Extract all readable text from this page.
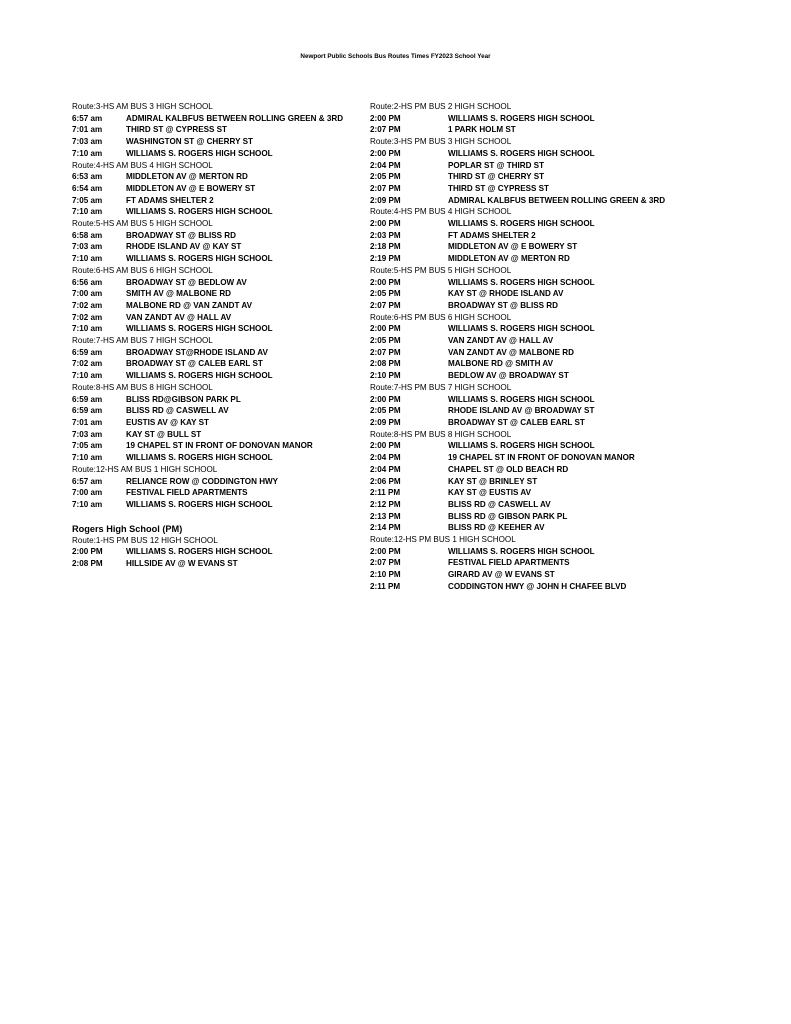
Newport Public Schools Bus Routes Times FY2023 School Year
Route:3-HS AM BUS 3 HIGH SCHOOL
6:57 am	ADMIRAL KALBFUS BETWEEN ROLLING GREEN & 3RD
7:01 am	THIRD ST @ CYPRESS ST
7:03 am	WASHINGTON ST @ CHERRY ST
7:10 am	WILLIAMS S. ROGERS HIGH SCHOOL
Route:4-HS AM BUS 4 HIGH SCHOOL
6:53 am	MIDDLETON AV @ MERTON RD
6:54 am	MIDDLETON AV @ E BOWERY ST
7:05 am	FT ADAMS SHELTER 2
7:10 am	WILLIAMS S. ROGERS HIGH SCHOOL
Route:5-HS AM BUS 5 HIGH SCHOOL
6:58 am	BROADWAY ST @ BLISS RD
7:03 am	RHODE ISLAND AV @ KAY ST
7:10 am	WILLIAMS S. ROGERS HIGH SCHOOL
Route:6-HS AM BUS 6 HIGH SCHOOL
6:56 am	BROADWAY ST @ BEDLOW AV
7:00 am	SMITH AV @ MALBONE RD
7:02 am	MALBONE RD @ VAN ZANDT AV
7:02 am	VAN ZANDT AV @ HALL AV
7:10 am	WILLIAMS S. ROGERS HIGH SCHOOL
Route:7-HS AM BUS 7 HIGH SCHOOL
6:59 am	BROADWAY ST@RHODE ISLAND AV
7:02 am	BROADWAY ST @ CALEB EARL ST
7:10 am	WILLIAMS S. ROGERS HIGH SCHOOL
Route:8-HS AM BUS 8 HIGH SCHOOL
6:59 am	BLISS RD@GIBSON PARK PL
6:59 am	BLISS RD @ CASWELL AV
7:01 am	EUSTIS AV @ KAY ST
7:03 am	KAY ST @ BULL ST
7:05 am	19 CHAPEL ST IN FRONT OF DONOVAN MANOR
7:10 am	WILLIAMS S. ROGERS HIGH SCHOOL
Route:12-HS AM BUS 1 HIGH SCHOOL
6:57 am	RELIANCE ROW @ CODDINGTON HWY
7:00 am	FESTIVAL FIELD APARTMENTS
7:10 am	WILLIAMS S. ROGERS HIGH SCHOOL
Rogers High School (PM)
Route:1-HS PM BUS 12 HIGH SCHOOL
2:00 PM	WILLIAMS S. ROGERS HIGH SCHOOL
2:08 PM	HILLSIDE AV @ W EVANS ST
Route:2-HS PM BUS 2 HIGH SCHOOL
2:00 PM	WILLIAMS S. ROGERS HIGH SCHOOL
2:07 PM	1 PARK HOLM ST
Route:3-HS PM BUS 3 HIGH SCHOOL
2:00 PM	WILLIAMS S. ROGERS HIGH SCHOOL
2:04 PM	POPLAR ST @ THIRD ST
2:05 PM	THIRD ST @ CHERRY ST
2:07 PM	THIRD ST @ CYPRESS ST
2:09 PM	ADMIRAL KALBFUS BETWEEN ROLLING GREEN & 3RD
Route:4-HS PM BUS 4 HIGH SCHOOL
2:00 PM	WILLIAMS S. ROGERS HIGH SCHOOL
2:03 PM	FT ADAMS SHELTER 2
2:18 PM	MIDDLETON AV @ E BOWERY ST
2:19 PM	MIDDLETON AV @ MERTON RD
Route:5-HS PM BUS 5 HIGH SCHOOL
2:00 PM	WILLIAMS S. ROGERS HIGH SCHOOL
2:05 PM	KAY ST @ RHODE ISLAND AV
2:07 PM	BROADWAY ST @ BLISS RD
Route:6-HS PM BUS 6 HIGH SCHOOL
2:00 PM	WILLIAMS S. ROGERS HIGH SCHOOL
2:05 PM	VAN ZANDT AV @ HALL AV
2:07 PM	VAN ZANDT AV @ MALBONE RD
2:08 PM	MALBONE RD @ SMITH AV
2:10 PM	BEDLOW AV @ BROADWAY ST
Route:7-HS PM BUS 7 HIGH SCHOOL
2:00 PM	WILLIAMS S. ROGERS HIGH SCHOOL
2:05 PM	RHODE ISLAND AV @ BROADWAY ST
2:09 PM	BROADWAY ST @ CALEB EARL ST
Route:8-HS PM BUS 8 HIGH SCHOOL
2:00 PM	WILLIAMS S. ROGERS HIGH SCHOOL
2:04 PM	19 CHAPEL ST IN FRONT OF DONOVAN MANOR
2:04 PM	CHAPEL ST @ OLD BEACH RD
2:06 PM	KAY ST @ BRINLEY ST
2:11 PM	KAY ST @ EUSTIS AV
2:12 PM	BLISS RD @ CASWELL AV
2:13 PM	BLISS RD @ GIBSON PARK PL
2:14 PM	BLISS RD @ KEEHER AV
Route:12-HS PM BUS 1 HIGH SCHOOL
2:00 PM	WILLIAMS S. ROGERS HIGH SCHOOL
2:07 PM	FESTIVAL FIELD APARTMENTS
2:10 PM	GIRARD AV @ W EVANS ST
2:11 PM	CODDINGTON HWY @ JOHN H CHAFEE BLVD
